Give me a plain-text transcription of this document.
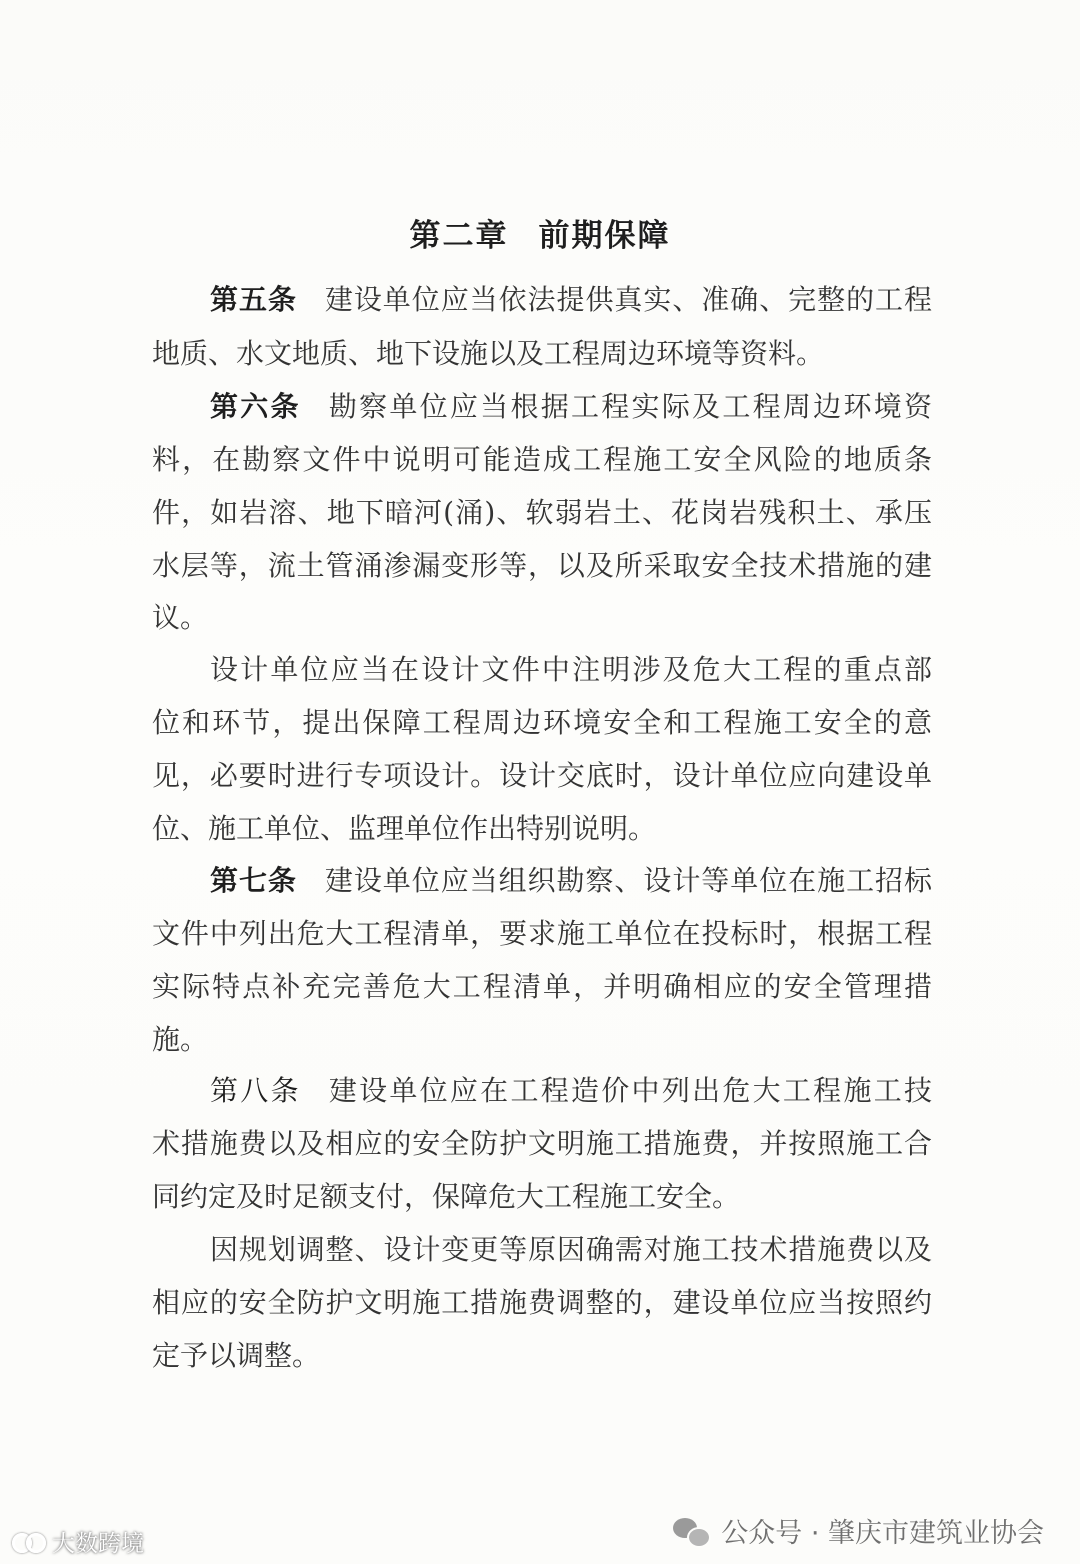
第二章 前期保障
第五条 建设单位应当依法提供真实、准确、完整的工程
地质、水文地质、地下设施以及工程周边环境等资料。
第六条 勘察单位应当根据工程实际及工程周边环境资
料，在勘察文件中说明可能造成工程施工安全风险的地质条
件，如岩溶、地下暗河(涌)、软弱岩土、花岗岩残积土、承压
水层等，流土管涌渗漏变形等，以及所采取安全技术措施的建
议。
设计单位应当在设计文件中注明涉及危大工程的重点部
位和环节，提出保障工程周边环境安全和工程施工安全的意
见，必要时进行专项设计。设计交底时，设计单位应向建设单
位、施工单位、监理单位作出特别说明。
第七条 建设单位应当组织勘察、设计等单位在施工招标
文件中列出危大工程清单，要求施工单位在投标时，根据工程
实际特点补充完善危大工程清单，并明确相应的安全管理措
施。
第八条 建设单位应在工程造价中列出危大工程施工技
术措施费以及相应的安全防护文明施工措施费，并按照施工合
同约定及时足额支付，保障危大工程施工安全。
因规划调整、设计变更等原因确需对施工技术措施费以及
相应的安全防护文明施工措施费调整的，建设单位应当按照约
定予以调整。
大数跨境	公众号 · 肇庆市建筑业协会
